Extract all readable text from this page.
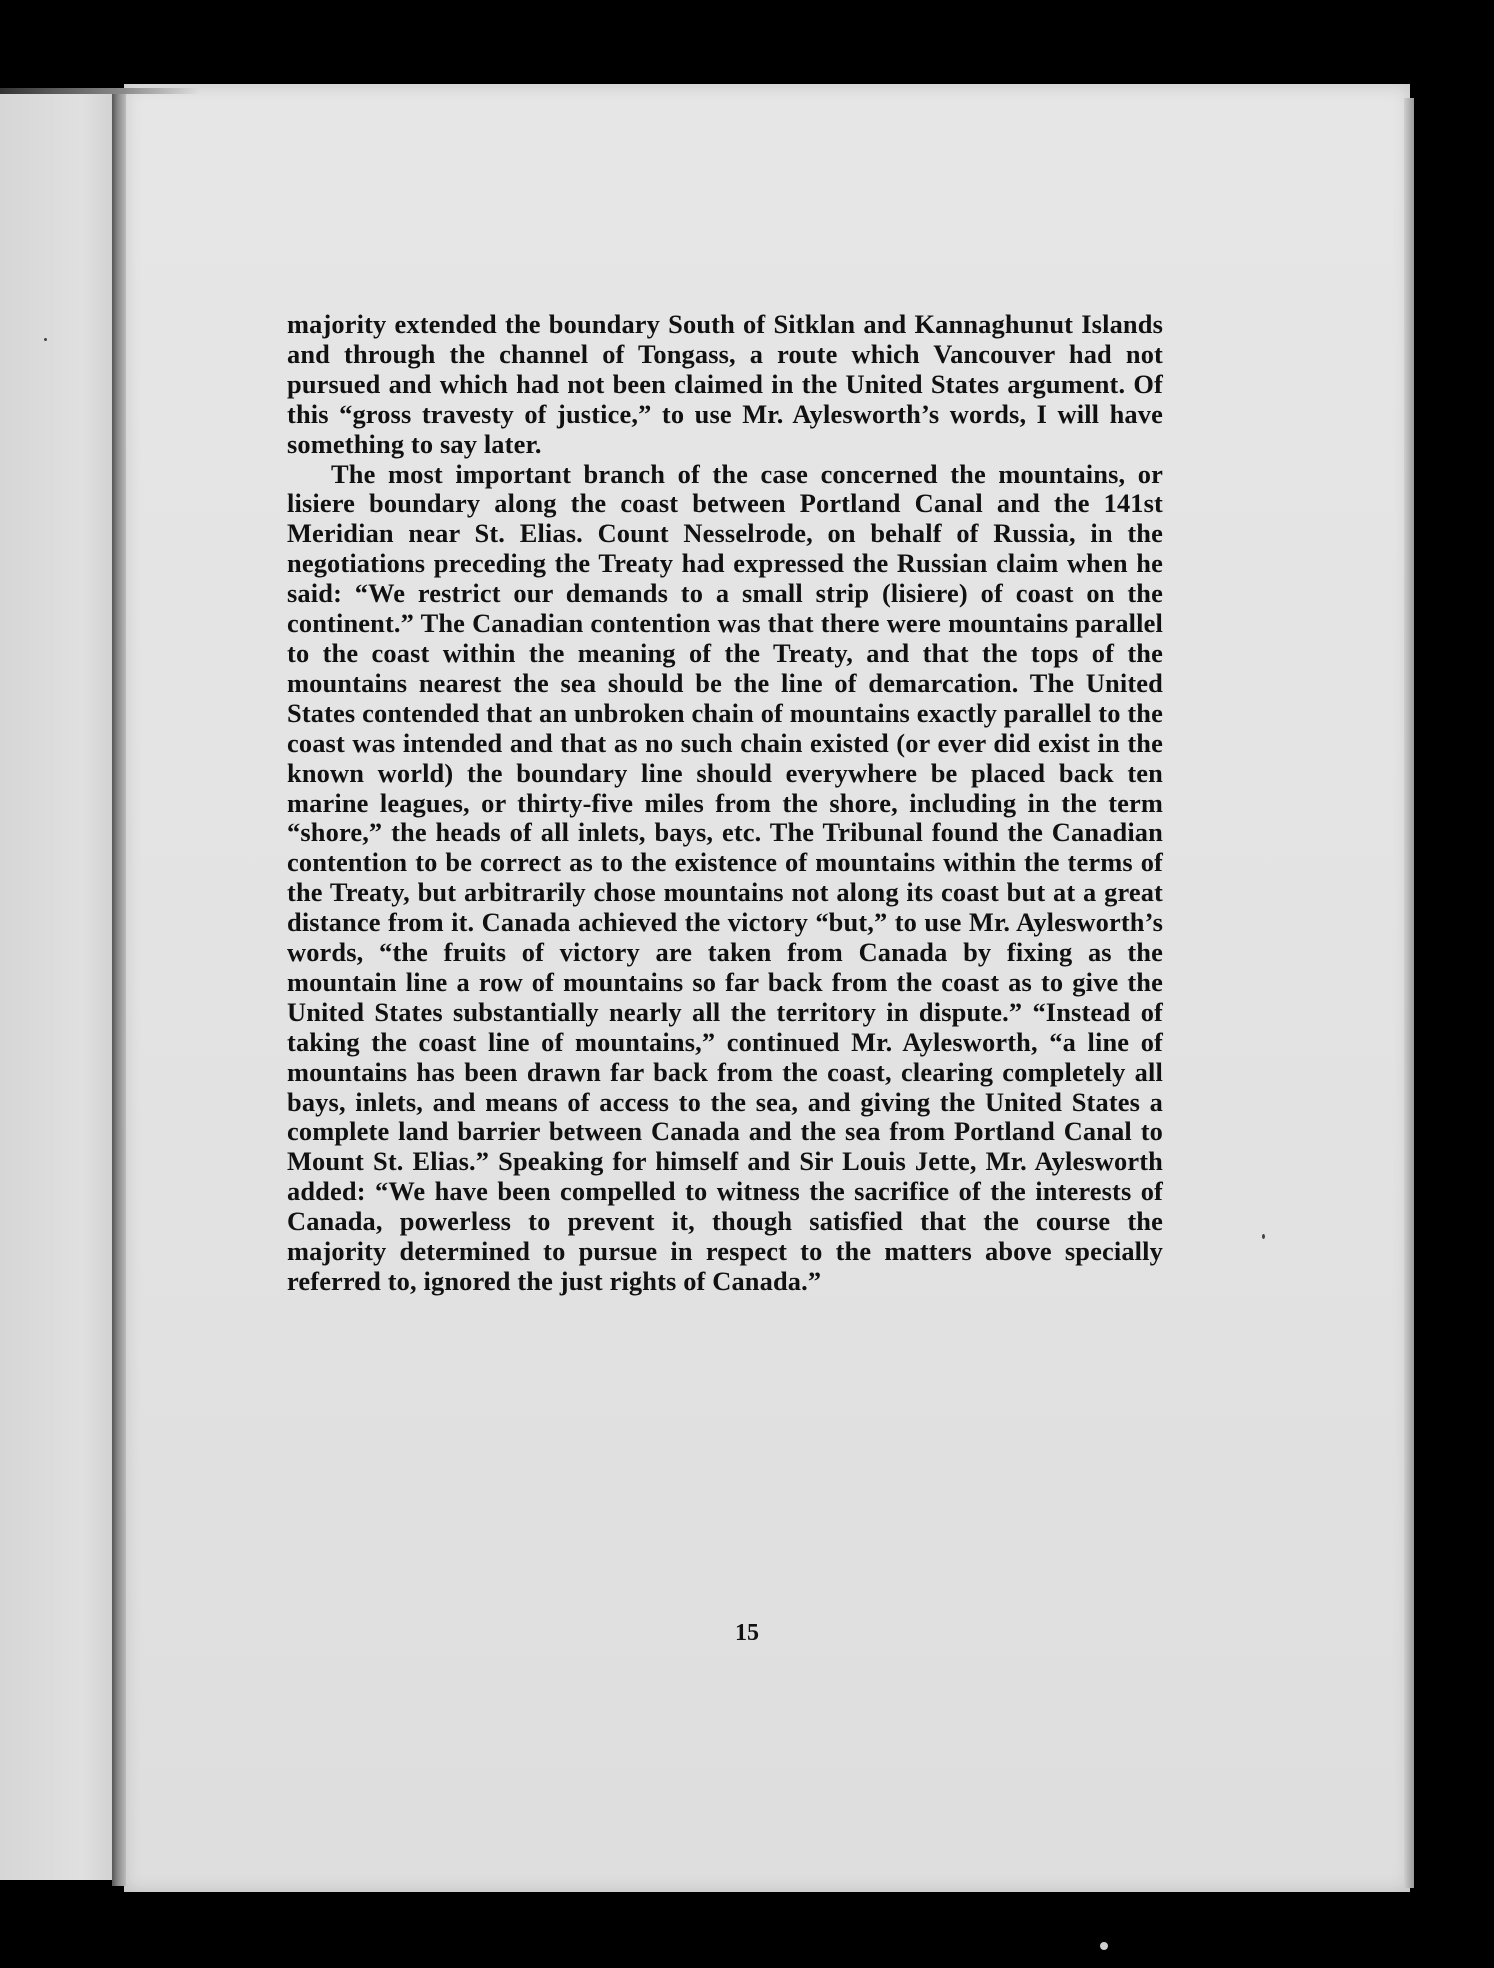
majority extended the boundary South of Sitklan and Kannaghunut Islands and through the channel of Tongass, a route which Vancouver had not pursued and which had not been claimed in the United States argument. Of this “gross travesty of justice,” to use Mr. Aylesworth’s words, I will have something to say later.

The most important branch of the case concerned the mountains, or lisiere boundary along the coast between Portland Canal and the 141st Meridian near St. Elias. Count Nesselrode, on behalf of Russia, in the negotiations preceding the Treaty had expressed the Russian claim when he said: “We restrict our demands to a small strip (lisiere) of coast on the continent.” The Canadian contention was that there were mountains parallel to the coast within the meaning of the Treaty, and that the tops of the mountains nearest the sea should be the line of demarcation. The United States contended that an unbroken chain of mountains exactly parallel to the coast was intended and that as no such chain existed (or ever did exist in the known world) the boundary line should everywhere be placed back ten marine leagues, or thirty-five miles from the shore, including in the term “shore,” the heads of all inlets, bays, etc. The Tribunal found the Canadian contention to be correct as to the existence of mountains within the terms of the Treaty, but arbitrarily chose mountains not along its coast but at a great distance from it. Canada achieved the victory “but,” to use Mr. Aylesworth’s words, “the fruits of victory are taken from Canada by fixing as the mountain line a row of mountains so far back from the coast as to give the United States substantially nearly all the territory in dispute.” “Instead of taking the coast line of mountains,” continued Mr. Aylesworth, “a line of mountains has been drawn far back from the coast, clearing completely all bays, inlets, and means of access to the sea, and giving the United States a complete land barrier between Canada and the sea from Portland Canal to Mount St. Elias.” Speaking for himself and Sir Louis Jette, Mr. Aylesworth added: “We have been compelled to witness the sacrifice of the interests of Canada, powerless to prevent it, though satisfied that the course the majority determined to pursue in respect to the matters above specially referred to, ignored the just rights of Canada.”

15
